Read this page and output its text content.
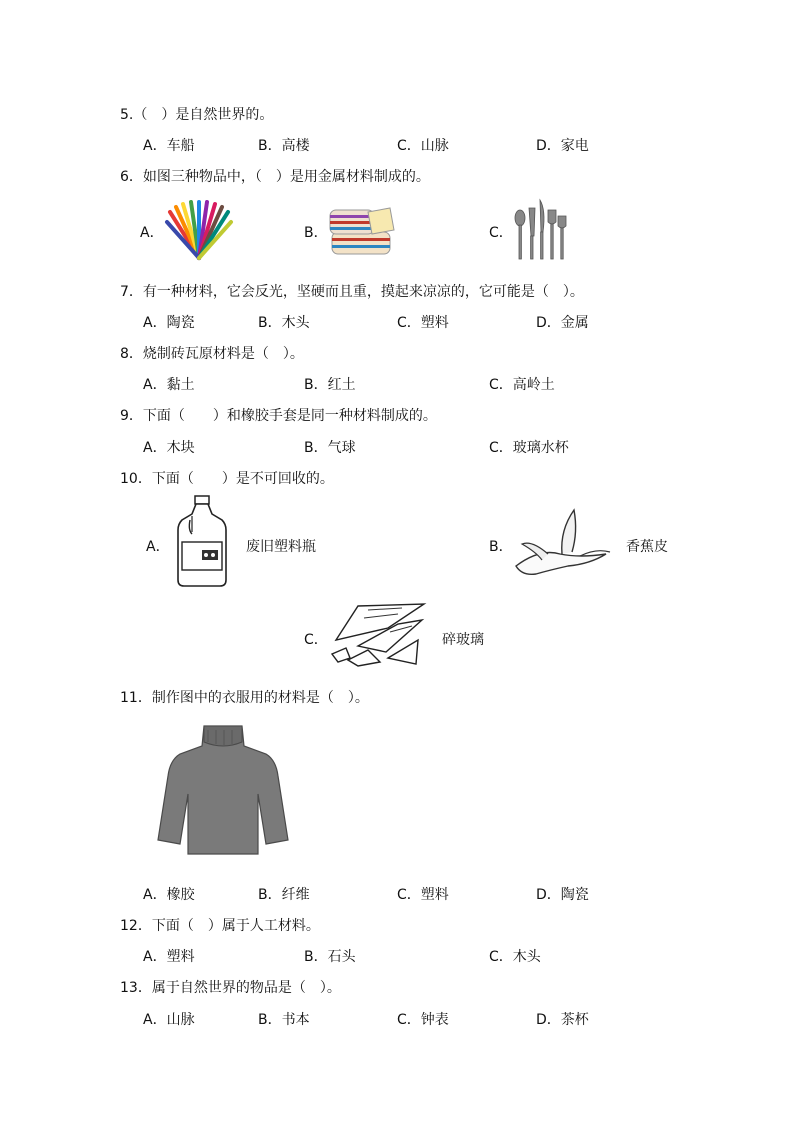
5.（　）是自然世界的。
A．车船	B．高楼	C．山脉	D．家电
6．如图三种物品中，（　）是用金属材料制成的。
A．	B．	C．
7．有一种材料，它会反光，坚硬而且重，摸起来凉凉的，它可能是（　）。
A．陶瓷	B．木头	C．塑料	D．金属
8．烧制砖瓦原材料是（　）。
A．黏土	B．红土	C．高岭土
9．下面（　　）和橡胶手套是同一种材料制成的。
A．木块	B．气球	C．玻璃水杯
10．下面（　　）是不可回收的。
A．	废旧塑料瓶	B．	香蕉皮
C．	碎玻璃
11．制作图中的衣服用的材料是（　）。
A．橡胶	B．纤维	C．塑料	D．陶瓷
12．下面（　）属于人工材料。
A．塑料	B．石头	C．木头
13．属于自然世界的物品是（　）。
A．山脉	B．书本	C．钟表	D．茶杯
